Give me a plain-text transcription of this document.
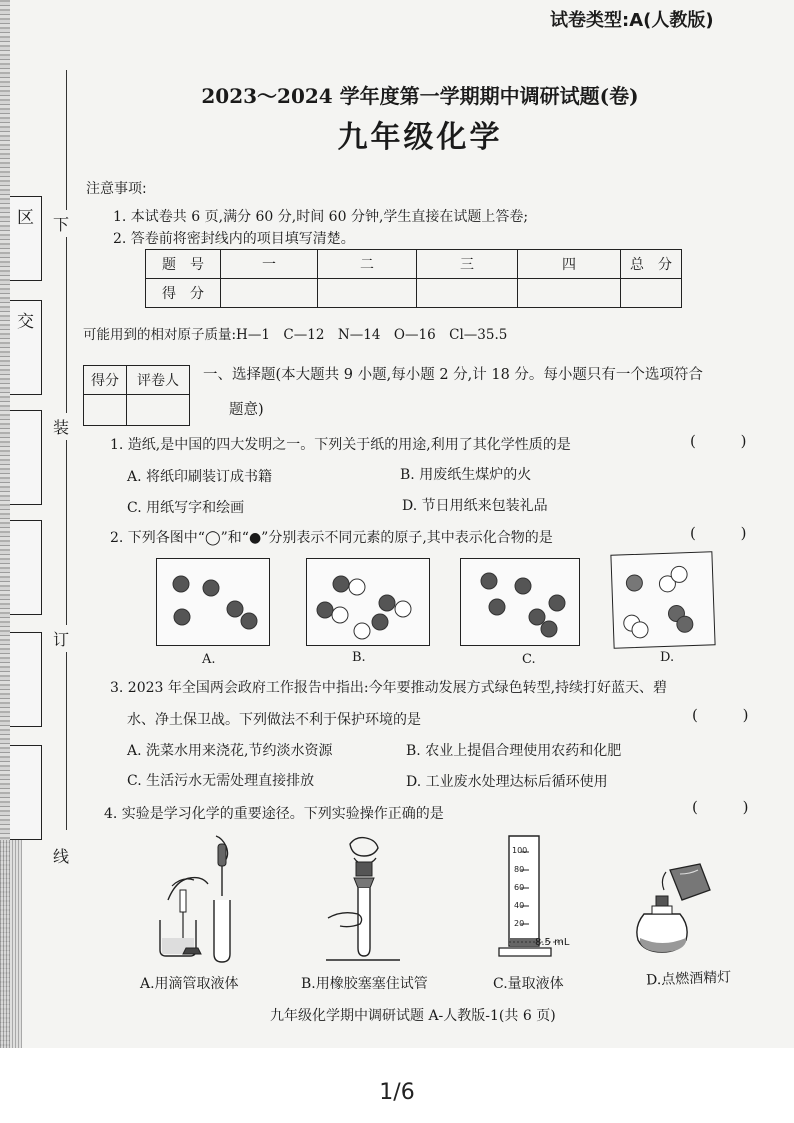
区
交
下
装
订
线
试卷类型:A(人教版)
2023～2024 学年度第一学期期中调研试题(卷)
九年级化学
注意事项:
1. 本试卷共 6 页,满分 60 分,时间 60 分钟,学生直接在试题上答卷;
2. 答卷前将密封线内的项目填写清楚。
题　号	一	二	三	四	总　分
得　分					
可能用到的相对原子质量:H—1　C—12　N—14　O—16　Cl—35.5
得分	评卷人
	一、选择题(本大题共 9 小题,每小题 2 分,计 18 分。每小题只有一个选项符合
题意)
1. 造纸,是中国的四大发明之一。下列关于纸的用途,利用了其化学性质的是	( )
A. 将纸印刷装订成书籍	B. 用废纸生煤炉的火
C. 用纸写字和绘画	D. 节日用纸来包装礼品
2. 下列各图中“◯”和“●”分别表示不同元素的原子,其中表示化合物的是	( )
A.	B.	C.	D.
3. 2023 年全国两会政府工作报告中指出:今年要推动发展方式绿色转型,持续打好蓝天、碧
水、净土保卫战。下列做法不利于保护环境的是	( )
A. 洗菜水用来浇花,节约淡水资源	B. 农业上提倡合理使用农药和化肥
C. 生活污水无需处理直接排放	D. 工业废水处理达标后循环使用
4. 实验是学习化学的重要途径。下列实验操作正确的是	( )
100
80
60
40
20
8.5 mL
A.用滴管取液体	B.用橡胶塞塞住试管	C.量取液体	D.点燃酒精灯
九年级化学期中调研试题 A-人教版-1(共 6 页)
1/6
